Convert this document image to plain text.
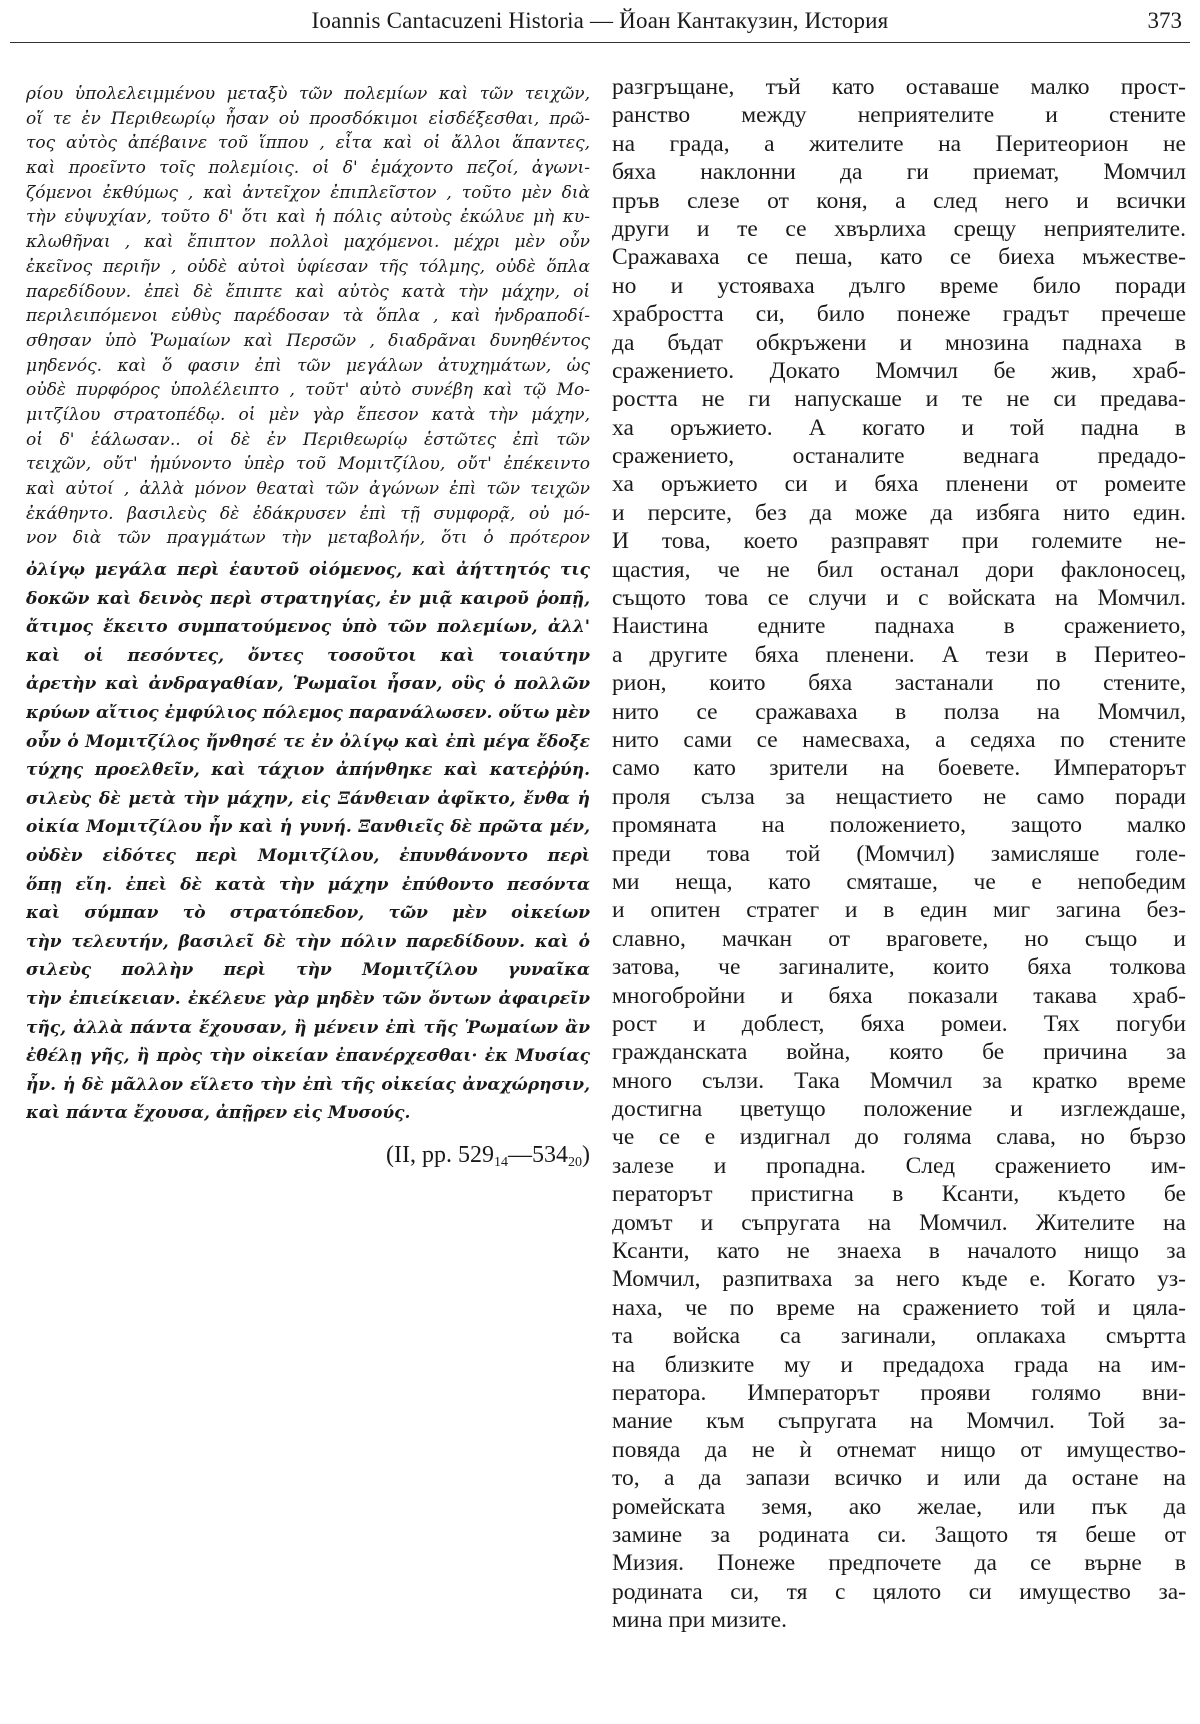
Ioannis Cantacuzeni Historia — Йоан Кантакузин, История	373
ρίου ὑπολελειμμένου μεταξὺ τῶν πολεμίων καὶ τῶν τειχῶν,
οἵ τε ἐν Περιθεωρίῳ ἦσαν οὐ προσδόκιμοι εἰσδέξεσθαι, πρῶ-
τος αὐτὸς ἀπέβαινε τοῦ ἵππου , εἶτα καὶ οἱ ἄλλοι ἅπαντες,
καὶ προεῖντο τοῖς πολεμίοις. οἱ δ' ἐμάχοντο πεζοί, ἀγωνι-
ζόμενοι ἐκθύμως , καὶ ἀντεῖχον ἐπιπλεῖστον , τοῦτο μὲν διὰ
τὴν εὐψυχίαν, τοῦτο δ' ὅτι καὶ ἡ πόλις αὐτοὺς ἐκώλυε μὴ κυ-
κλωθῆναι , καὶ ἔπιπτον πολλοὶ μαχόμενοι. μέχρι μὲν οὖν
ἐκεῖνος περιῆν , οὐδὲ αὐτοὶ ὑφίεσαν τῆς τόλμης, οὐδὲ ὅπλα
παρεδίδουν. ἐπεὶ δὲ ἔπιπτε καὶ αὐτὸς κατὰ τὴν μάχην, οἱ
περιλειπόμενοι εὐθὺς παρέδοσαν τὰ ὅπλα , καὶ ἠνδραποδί-
σθησαν ὑπὸ Ῥωμαίων καὶ Περσῶν , διαδρᾶναι δυνηθέντος
μηδενός. καὶ ὅ φασιν ἐπὶ τῶν μεγάλων ἀτυχημάτων, ὡς
οὐδὲ πυρφόρος ὑπολέλειπτο , τοῦτ' αὐτὸ συνέβη καὶ τῷ Μο-
μιτζίλου στρατοπέδῳ. οἱ μὲν γὰρ ἔπεσον κατὰ τὴν μάχην,
οἱ δ' ἑάλωσαν.. οἱ δὲ ἐν Περιθεωρίῳ ἑστῶτες ἐπὶ τῶν
τειχῶν, οὔτ' ἠμύνοντο ὑπὲρ τοῦ Μομιτζίλου, οὔτ' ἐπέκειντο
καὶ αὐτοί , ἀλλὰ μόνον θεαταὶ τῶν ἀγώνων ἐπὶ τῶν τειχῶν
ἐκάθηντο. βασιλεὺς δὲ ἐδάκρυσεν ἐπὶ τῇ συμφορᾷ, οὐ μό-
νον διὰ τῶν πραγμάτων τὴν μεταβολήν, ὅτι ὁ πρότερον
ὀλίγῳ μεγάλα περὶ ἑαυτοῦ οἰόμενος, καὶ ἀήττητός τις
δοκῶν καὶ δεινὸς περὶ στρατηγίας, ἐν μιᾷ καιροῦ ῥοπῇ,
ἄτιμος ἔκειτο συμπατούμενος ὑπὸ τῶν πολεμίων, ἀλλ'
καὶ οἱ πεσόντες, ὄντες τοσοῦτοι καὶ τοιαύτην
ἀρετὴν καὶ ἀνδραγαθίαν, Ῥωμαῖοι ἦσαν, οὓς ὁ πολλῶν
κρύων αἴτιος ἐμφύλιος πόλεμος παρανάλωσεν. οὕτω μὲν
οὖν ὁ Μομιτζίλος ἤνθησέ τε ἐν ὀλίγῳ καὶ ἐπὶ μέγα ἔδοξε
τύχης προελθεῖν, καὶ τάχιον ἀπήνθηκε καὶ κατεῤῥύη.
σιλεὺς δὲ μετὰ τὴν μάχην, εἰς Ξάνθειαν ἀφῖκτο, ἔνθα ἡ
οἰκία Μομιτζίλου ἦν καὶ ἡ γυνή. Ξανθιεῖς δὲ πρῶτα μέν,
οὐδὲν εἰδότες περὶ Μομιτζίλου, ἐπυνθάνοντο περὶ
ὅπῃ εἴη. ἐπεὶ δὲ κατὰ τὴν μάχην ἐπύθοντο πεσόντα
καὶ σύμπαν τὸ στρατόπεδον, τῶν μὲν οἰκείων
τὴν τελευτήν, βασιλεῖ δὲ τὴν πόλιν παρεδίδουν. καὶ ὁ
σιλεὺς πολλὴν περὶ τὴν Μομιτζίλου γυναῖκα
τὴν ἐπιείκειαν. ἐκέλευε γὰρ μηδὲν τῶν ὄντων ἀφαιρεῖν
τῆς, ἀλλὰ πάντα ἔχουσαν, ἢ μένειν ἐπὶ τῆς Ῥωμαίων ἂν
ἐθέλῃ γῆς, ἢ πρὸς τὴν οἰκείαν ἐπανέρχεσθαι· ἐκ Μυσίας
ἦν. ἡ δὲ μᾶλλον εἵλετο τὴν ἐπὶ τῆς οἰκείας ἀναχώρησιν,
καὶ πάντα ἔχουσα, ἀπῇρεν εἰς Μυσούς.
(II, pp. $529_{14}—534_{20}$)
разгръщане, тъй като оставаше малко прост-
ранство между неприятелите и стените
на града, а жителите на Перитеорион не
бяха наклонни да ги приемат, Момчил
пръв слезе от коня, а след него и всички
други и те се хвърлиха срещу неприятелите.
Сражаваха се пеша, като се биеха мъжестве-
но и устояваха дълго време било поради
храбростта си, било понеже градът пречеше
да бъдат обкръжени и мнозина паднаха в
сражението. Докато Момчил бе жив, храб-
ростта не ги напускаше и те не си предава-
ха оръжието. А когато и той падна в
сражението, останалите веднага предадо-
ха оръжието си и бяха пленени от ромеите
и персите, без да може да избяга нито един.
И това, което разправят при големите не-
щастия, че не бил останал дори факлоносец,
същото това се случи и с войската на Момчил.
Наистина едните паднаха в сражението,
а другите бяха пленени. А тези в Перитео-
рион, които бяха застанали по стените,
нито се сражаваха в полза на Момчил,
нито сами се намесваха, а седяха по стените
само като зрители на боевете. Императорът
проля сълза за нещастието не само поради
промяната на положението, защото малко
преди това той (Момчил) замисляше голе-
ми неща, като смяташе, че е непобедим
и опитен стратег и в един миг загина без-
славно, мачкан от враговете, но също и
затова, че загиналите, които бяха толкова
многобройни и бяха показали такава храб-
рост и доблест, бяха ромеи. Тях погуби
гражданската война, която бе причина за
много сълзи. Така Момчил за кратко време
достигна цветущо положение и изглеждаше,
че се е издигнал до голяма слава, но бързо
залезе и пропадна. След сражението им-
ператорът пристигна в Ксанти, където бе
домът и съпругата на Момчил. Жителите на
Ксанти, като не знаеха в началото нищо за
Момчил, разпитваха за него къде е. Когато уз-
наха, че по време на сражението той и цяла-
та войска са загинали, оплакаха смъртта
на близките му и предадоха града на им-
ператора. Императорът прояви голямо вни-
мание към съпругата на Момчил. Той за-
повяда да не ѝ отнемат нищо от имущество-
то, а да запази всичко и или да остане на
ромейската земя, ако желае, или пък да
замине за родината си. Защото тя беше от
Мизия. Понеже предпочете да се върне в
родината си, тя с цялото си имущество за-
мина при мизите.
